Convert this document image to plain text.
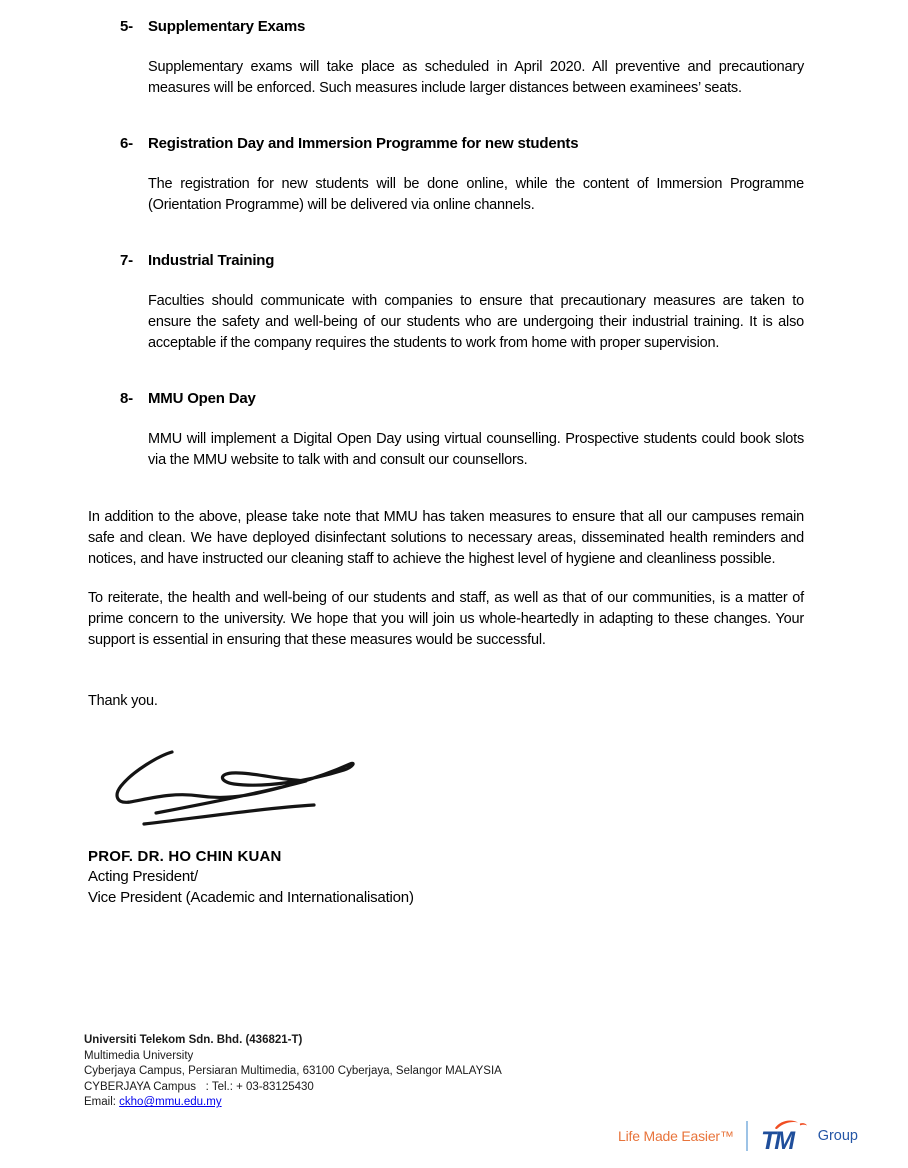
5-	Supplementary Exams
Supplementary exams will take place as scheduled in April 2020. All preventive and precautionary measures will be enforced. Such measures include larger distances between examinees’ seats.
6-	Registration Day and Immersion Programme for new students
The registration for new students will be done online, while the content of Immersion Programme (Orientation Programme) will be delivered via online channels.
7-	Industrial Training
Faculties should communicate with companies to ensure that precautionary measures are taken to ensure the safety and well-being of our students who are undergoing their industrial training. It is also acceptable if the company requires the students to work from home with proper supervision.
8-	MMU Open Day
MMU will implement a Digital Open Day using virtual counselling. Prospective students could book slots via the MMU website to talk with and consult our counsellors.
In addition to the above, please take note that MMU has taken measures to ensure that all our campuses remain safe and clean. We have deployed disinfectant solutions to necessary areas, disseminated health reminders and notices, and have instructed our cleaning staff to achieve the highest level of hygiene and cleanliness possible.
To reiterate, the health and well-being of our students and staff, as well as that of our communities, is a matter of prime concern to the university. We hope that you will join us whole-heartedly in adapting to these changes. Your support is essential in ensuring that these measures would be successful.
Thank you.
PROF. DR. HO CHIN KUAN
Acting President/
Vice President (Academic and Internationalisation)
Universiti Telekom Sdn. Bhd. (436821-T)
Multimedia University
Cyberjaya Campus, Persiaran Multimedia, 63100 Cyberjaya, Selangor MALAYSIA
CYBERJAYA Campus   : Tel.: + 03-83125430
Email: ckho@mmu.edu.my
Life Made Easier™ TM Group
